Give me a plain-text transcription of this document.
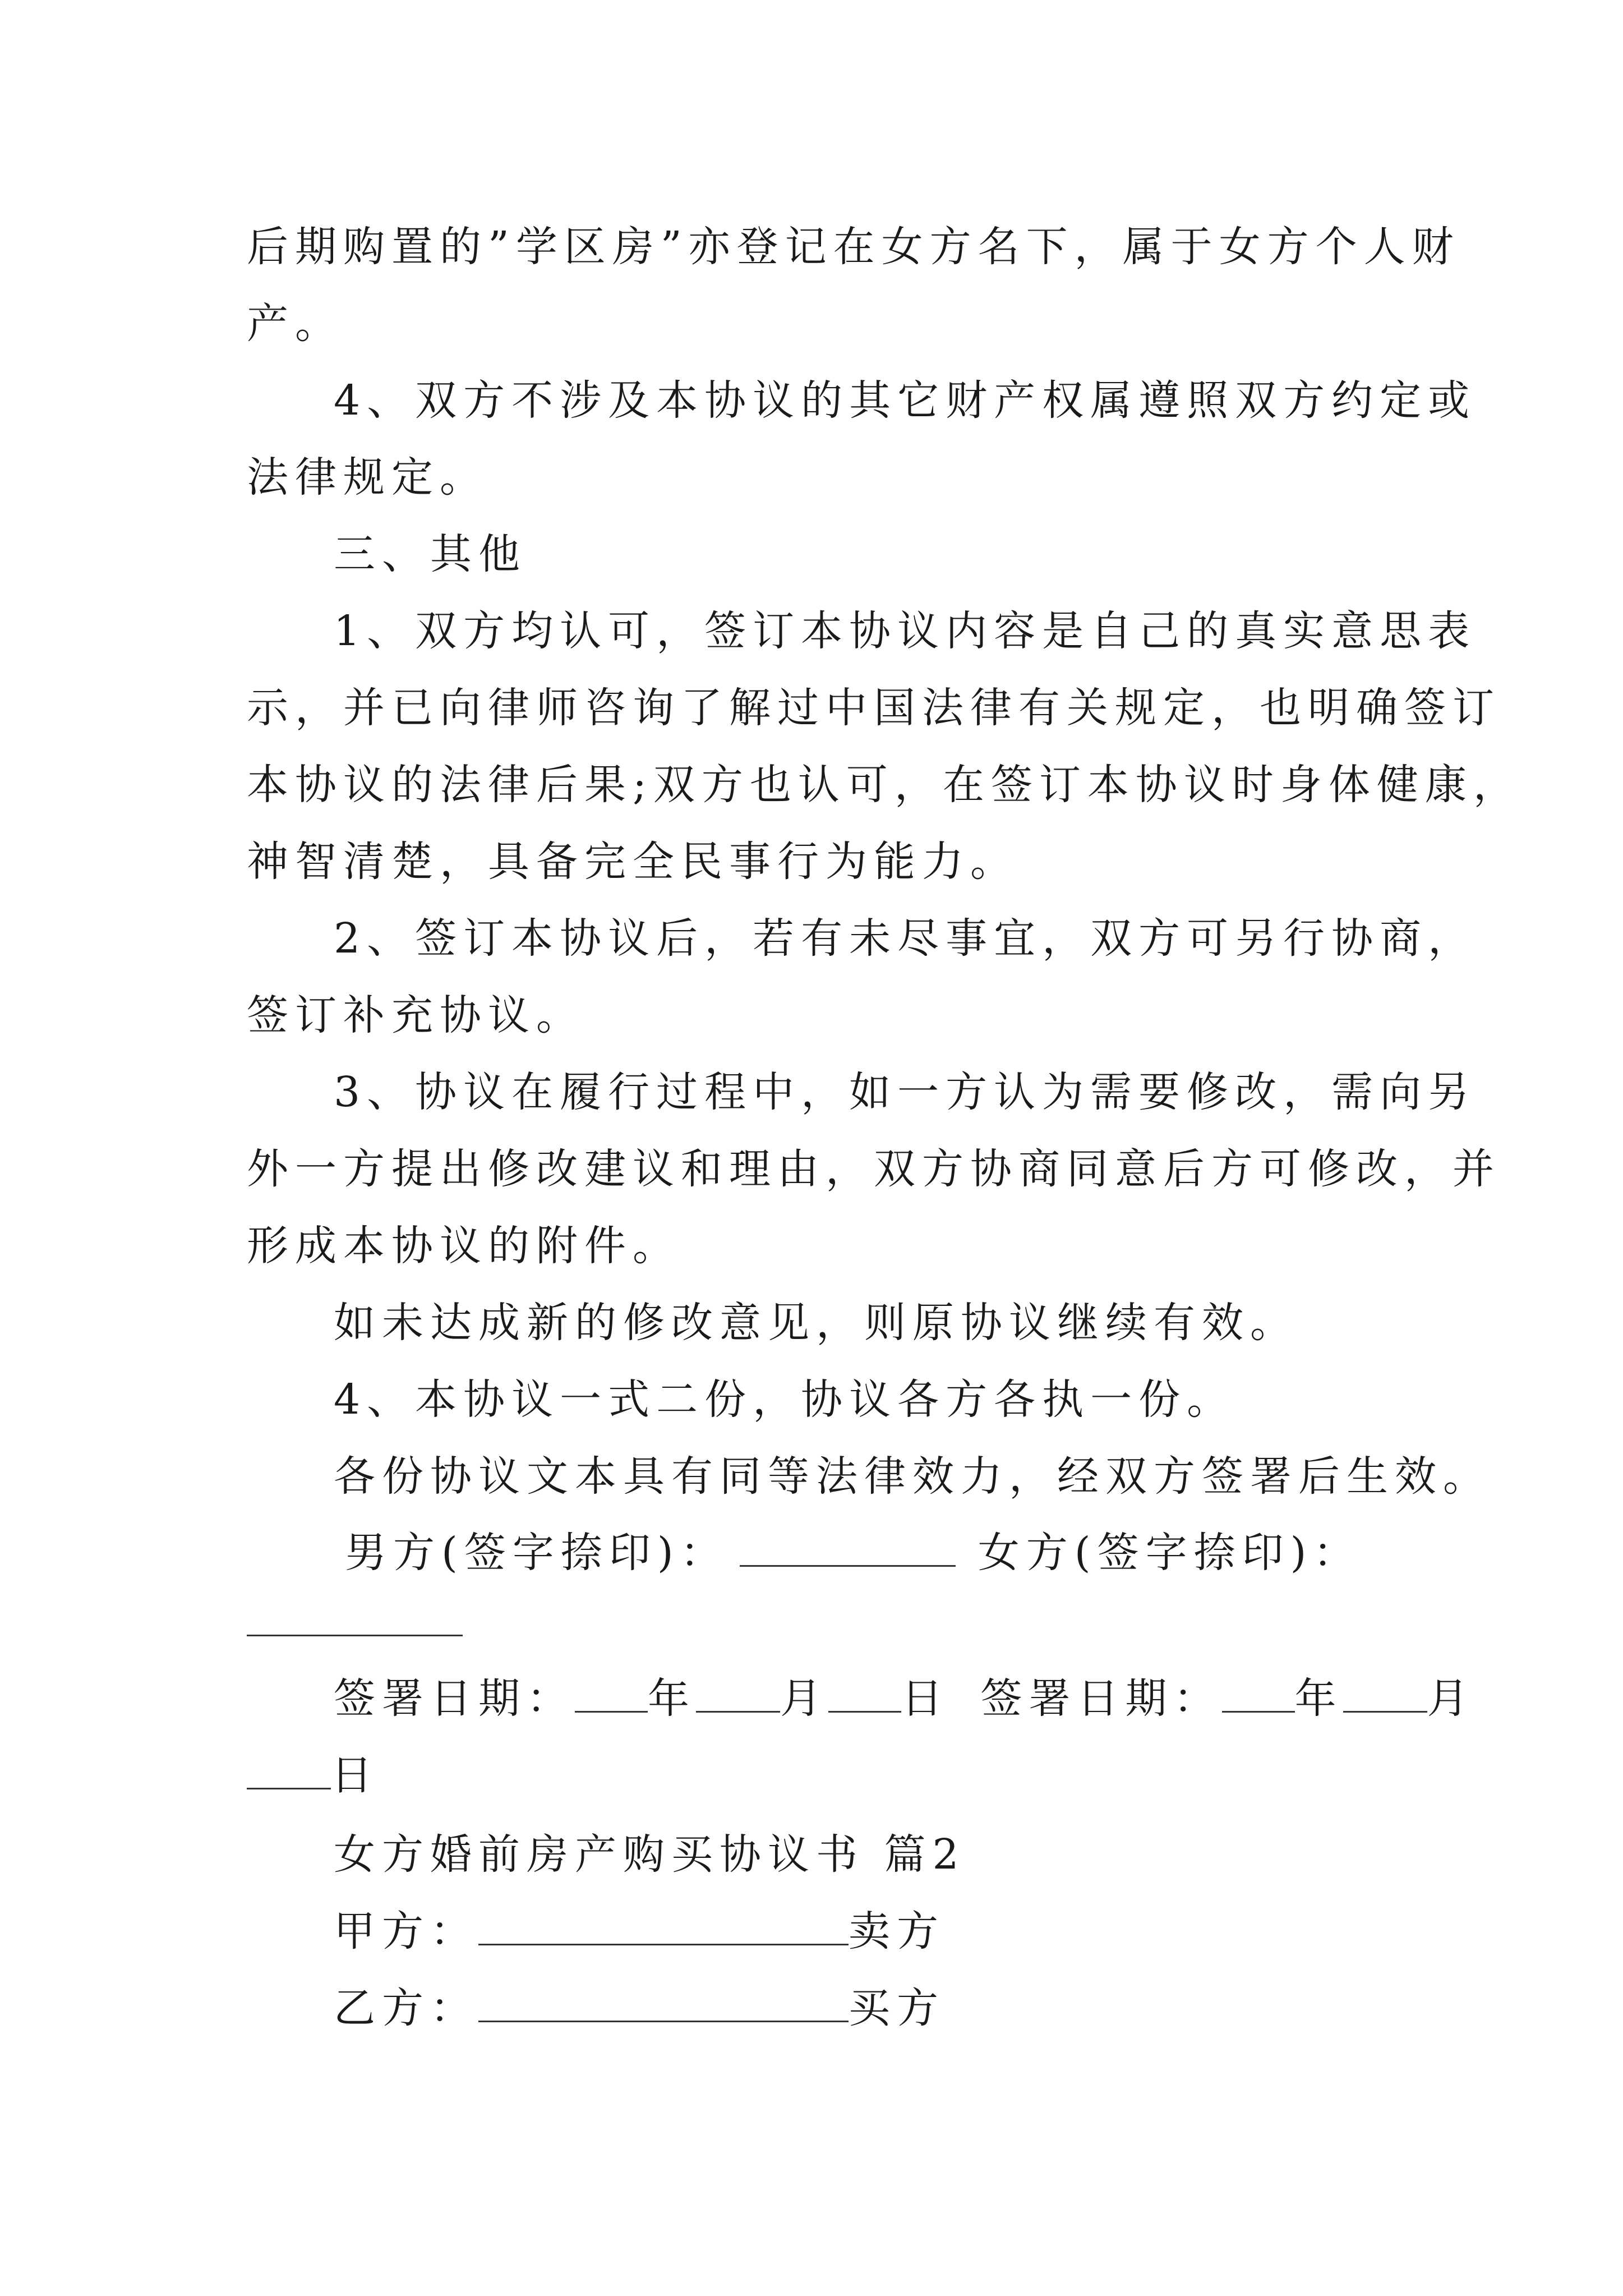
后期购置的”学区房”亦登记在女方名下，属于女方个人财
产。
4、双方不涉及本协议的其它财产权属遵照双方约定或
法律规定。
三、其他
1、双方均认可，签订本协议内容是自己的真实意思表
示，并已向律师咨询了解过中国法律有关规定，也明确签订
本协议的法律后果;双方也认可，在签订本协议时身体健康，
神智清楚，具备完全民事行为能力。
2、签订本协议后，若有未尽事宜，双方可另行协商，
签订补充协议。
3、协议在履行过程中，如一方认为需要修改，需向另
外一方提出修改建议和理由，双方协商同意后方可修改，并
形成本协议的附件。
如未达成新的修改意见，则原协议继续有效。
4、本协议一式二份，协议各方各执一份。
各份协议文本具有同等法律效力，经双方签署后生效。
男方(签字捺印)：	女方(签字捺印)：
签署日期： 年 月 日 签署日期： 年 月
日
女方婚前房产购买协议书 篇2
甲方：	卖方
乙方：	买方
